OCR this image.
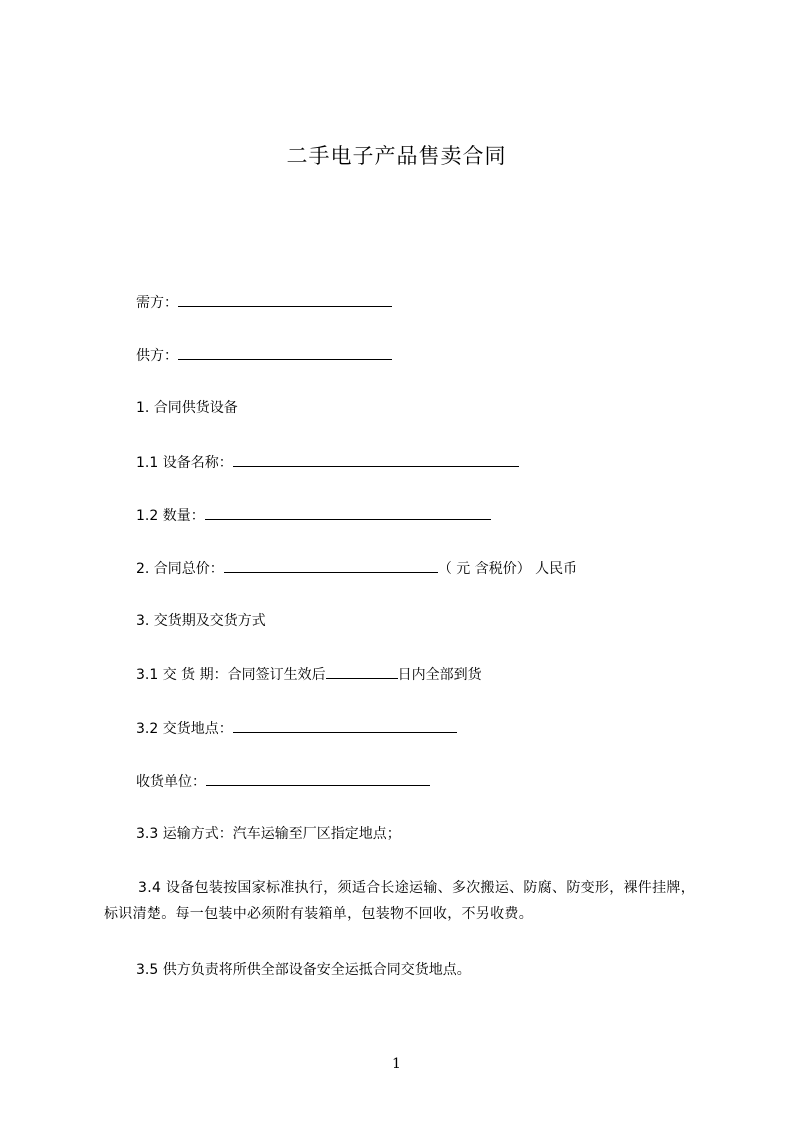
二手电子产品售卖合同
需方：
供方：
1. 合同供货设备
1.1 设备名称：
1.2 数量：
2. 合同总价：	（ 元 含税价） 人民币
3. 交货期及交货方式
3.1 交 货 期：合同签订生效后	日内全部到货
3.2 交货地点：
收货单位：
3.3 运输方式：汽车运输至厂区指定地点；
3.4 设备包装按国家标准执行，须适合长途运输、多次搬运、防腐、防变形，裸件挂牌，标识清楚。每一包装中必须附有装箱单，包装物不回收，不另收费。
3.5 供方负责将所供全部设备安全运抵合同交货地点。
1
